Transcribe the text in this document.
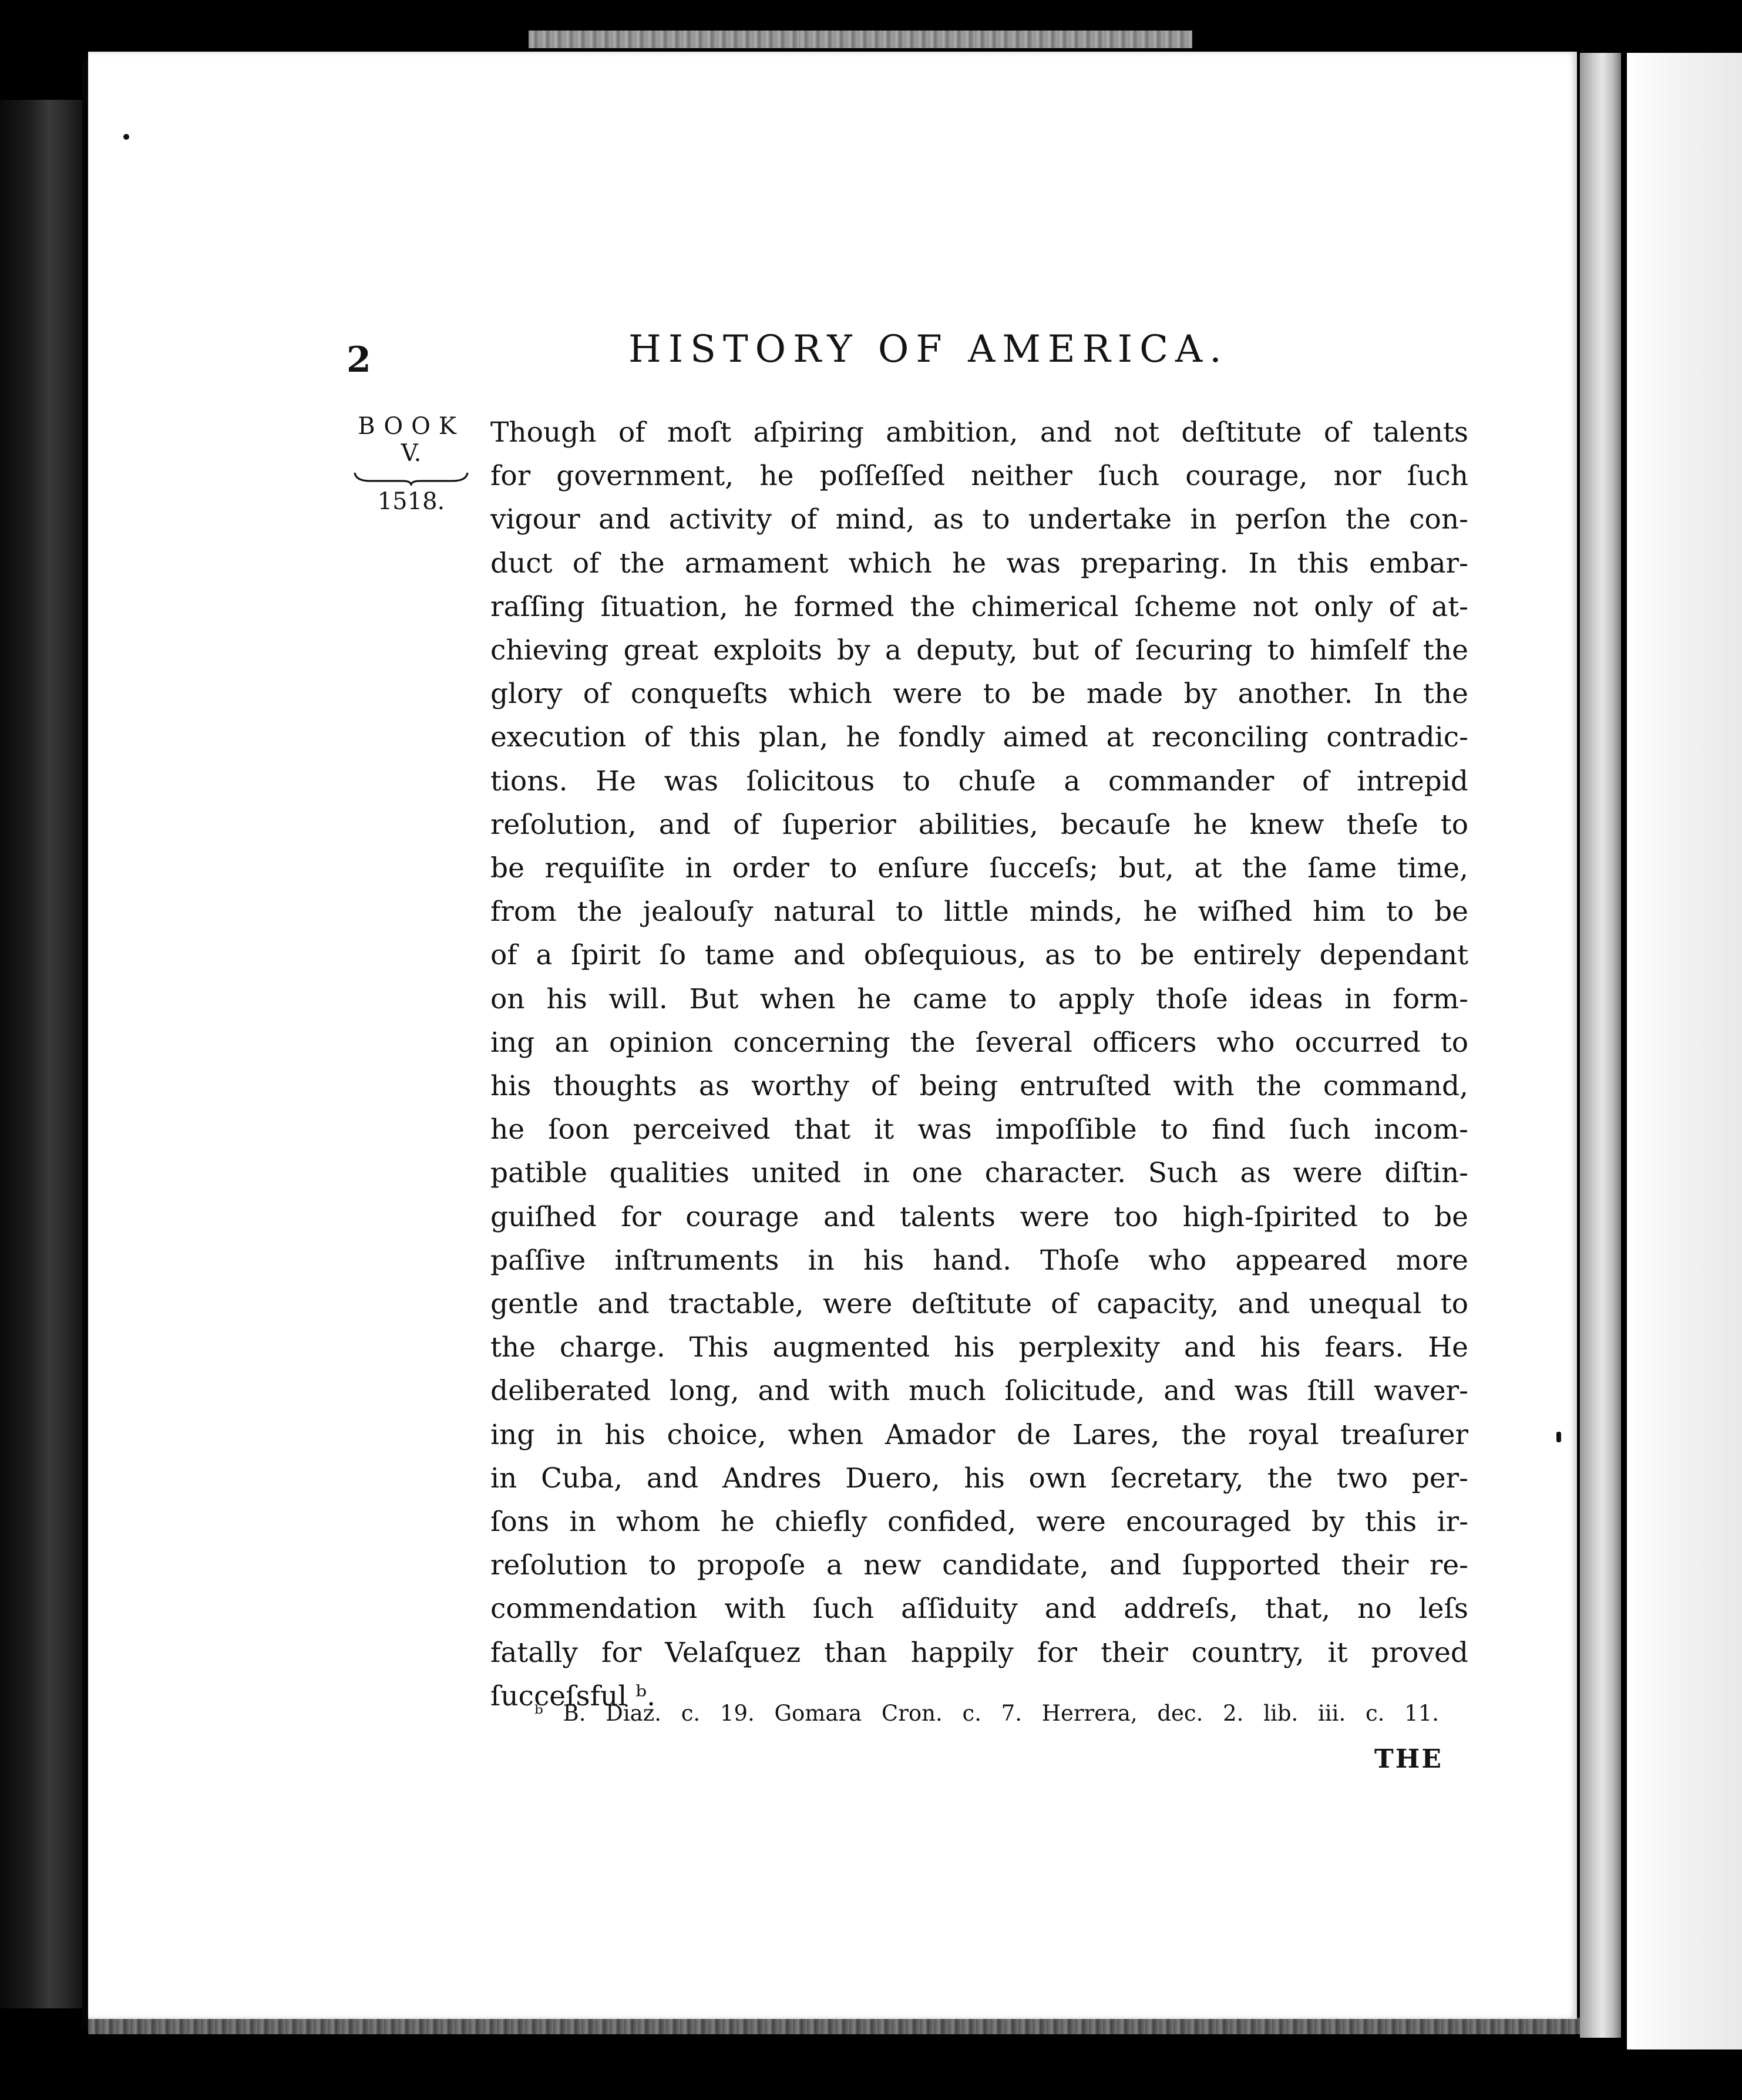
2	HISTORY OF AMERICA.
BOOK
V.
1518.
Though of moſt aſpiring ambition, and not deſtitute of talents
for government, he poſſeſſed neither ſuch courage, nor ſuch
vigour and activity of mind, as to undertake in perſon the con-
duct of the armament which he was preparing. In this embar-
raſſing ſituation, he formed the chimerical ſcheme not only of at-
chieving great exploits by a deputy, but of ſecuring to himſelf the
glory of conqueſts which were to be made by another. In the
execution of this plan, he fondly aimed at reconciling contradic-
tions. He was ſolicitous to chuſe a commander of intrepid
reſolution, and of ſuperior abilities, becauſe he knew theſe to
be requiſite in order to enſure ſucceſs; but, at the ſame time,
from the jealouſy natural to little minds, he wiſhed him to be
of a ſpirit ſo tame and obſequious, as to be entirely dependant
on his will. But when he came to apply thoſe ideas in form-
ing an opinion concerning the ſeveral officers who occurred to
his thoughts as worthy of being entruſted with the command,
he ſoon perceived that it was impoſſible to find ſuch incom-
patible qualities united in one character. Such as were diſtin-
guiſhed for courage and talents were too high-ſpirited to be
paſſive inſtruments in his hand. Thoſe who appeared more
gentle and tractable, were deſtitute of capacity, and unequal to
the charge. This augmented his perplexity and his fears. He
deliberated long, and with much ſolicitude, and was ſtill waver-
ing in his choice, when Amador de Lares, the royal treaſurer
in Cuba, and Andres Duero, his own ſecretary, the two per-
ſons in whom he chiefly confided, were encouraged by this ir-
reſolution to propoſe a new candidate, and ſupported their re-
commendation with ſuch aſſiduity and addreſs, that, no leſs
fatally for Velaſquez than happily for their country, it proved
ſucceſsful ᵇ.
ᵇ B. Diaz. c. 19. Gomara Cron. c. 7. Herrera, dec. 2. lib. iii. c. 11.
THE
